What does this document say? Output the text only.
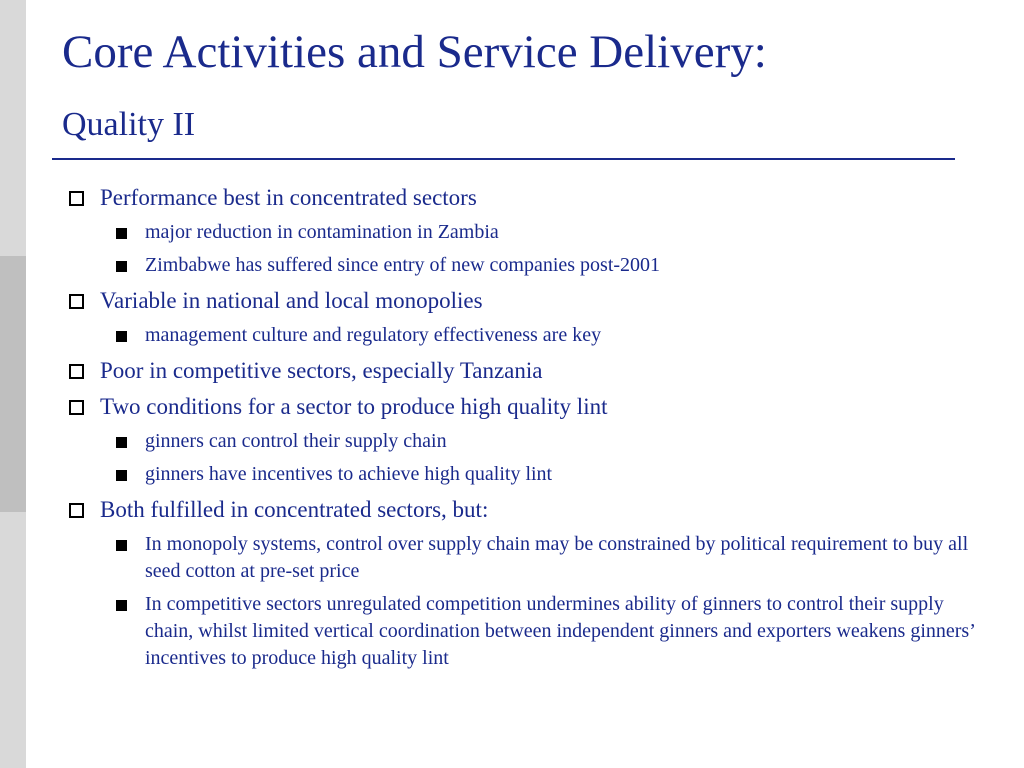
Core Activities and Service Delivery:
Quality II
Performance best in concentrated sectors
major reduction in contamination in Zambia
Zimbabwe has suffered since entry of new companies post-2001
Variable in national and local monopolies
management culture and regulatory effectiveness are key
Poor in competitive sectors, especially Tanzania
Two conditions for a sector to produce high quality lint
ginners can control their supply chain
ginners have incentives to achieve high quality lint
Both fulfilled in concentrated sectors, but:
In monopoly systems, control over supply chain may be constrained by political requirement to buy all seed cotton at pre-set price
In competitive sectors unregulated competition undermines ability of ginners to control their supply chain, whilst limited vertical coordination between independent ginners and exporters weakens ginners’ incentives to produce high quality lint
